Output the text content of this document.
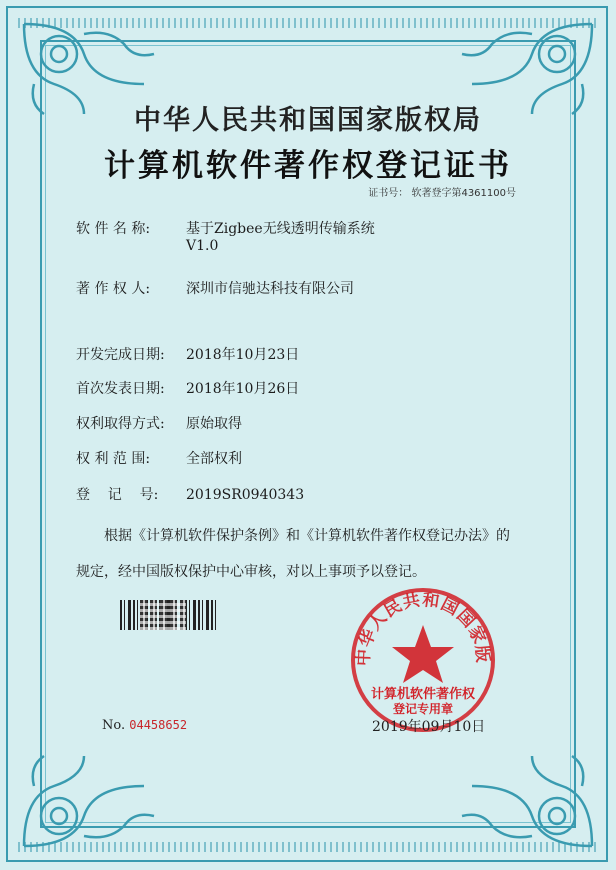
中华人民共和国国家版权局
计算机软件著作权登记证书
证书号： 软著登字第4361100号
软 件 名 称:	基于Zigbee无线透明传输系统
V1.0
著 作 权 人:	深圳市信驰达科技有限公司
开发完成日期: 2018年10月23日
首次发表日期: 2018年10月26日
权利取得方式: 原始取得
权 利 范 围:	全部权利
登    记    号: 2019SR0940343
根据《计算机软件保护条例》和《计算机软件著作权登记办法》的
规定，经中国版权保护中心审核，对以上事项予以登记。
中华人民共和国国家版
计算机软件著作权
登记专用章
No. 04458652	2019年09月10日
